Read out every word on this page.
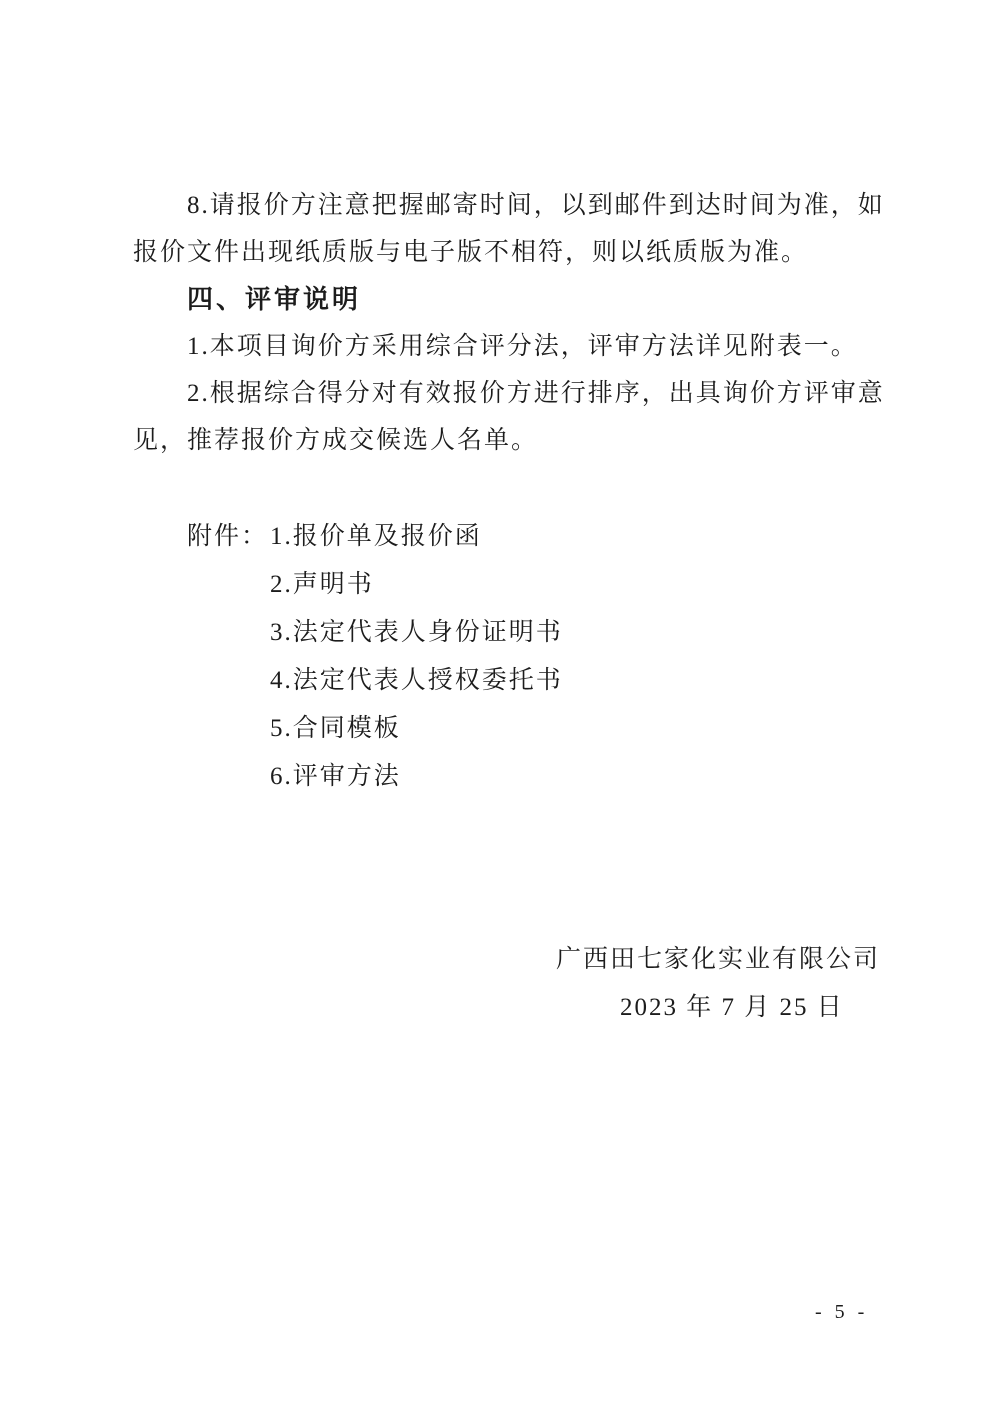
8.请报价方注意把握邮寄时间，以到邮件到达时间为准，如
报价文件出现纸质版与电子版不相符，则以纸质版为准。
四、评审说明
1.本项目询价方采用综合评分法，评审方法详见附表一。
2.根据综合得分对有效报价方进行排序，出具询价方评审意
见，推荐报价方成交候选人名单。
附件： 1.报价单及报价函
2.声明书
3.法定代表人身份证明书
4.法定代表人授权委托书
5.合同模板
6.评审方法
广西田七家化实业有限公司
2023 年 7 月 25 日
- 5 -
